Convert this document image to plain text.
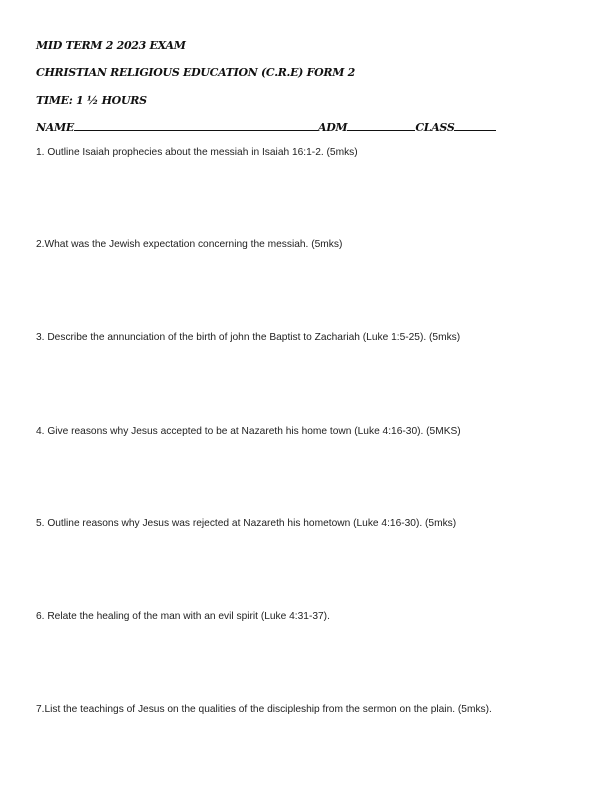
MID TERM 2 2023 EXAM
CHRISTIAN RELIGIOUS EDUCATION (C.R.E) FORM 2
TIME: 1 ½ HOURS
NAME	ADM	CLASS
1. Outline Isaiah prophecies about the messiah in Isaiah 16:1-2. (5mks)
2.What was the Jewish expectation concerning the messiah. (5mks)
3. Describe the annunciation of the birth of john the Baptist to Zachariah (Luke 1:5-25). (5mks)
4. Give reasons why Jesus accepted to be at Nazareth his home town (Luke 4:16-30). (5MKS)
5. Outline reasons why Jesus was rejected at Nazareth his hometown (Luke 4:16-30). (5mks)
6. Relate the healing of the man with an evil spirit (Luke 4:31-37).
7.List the teachings of Jesus on the qualities of the discipleship from the sermon on the plain. (5mks).
